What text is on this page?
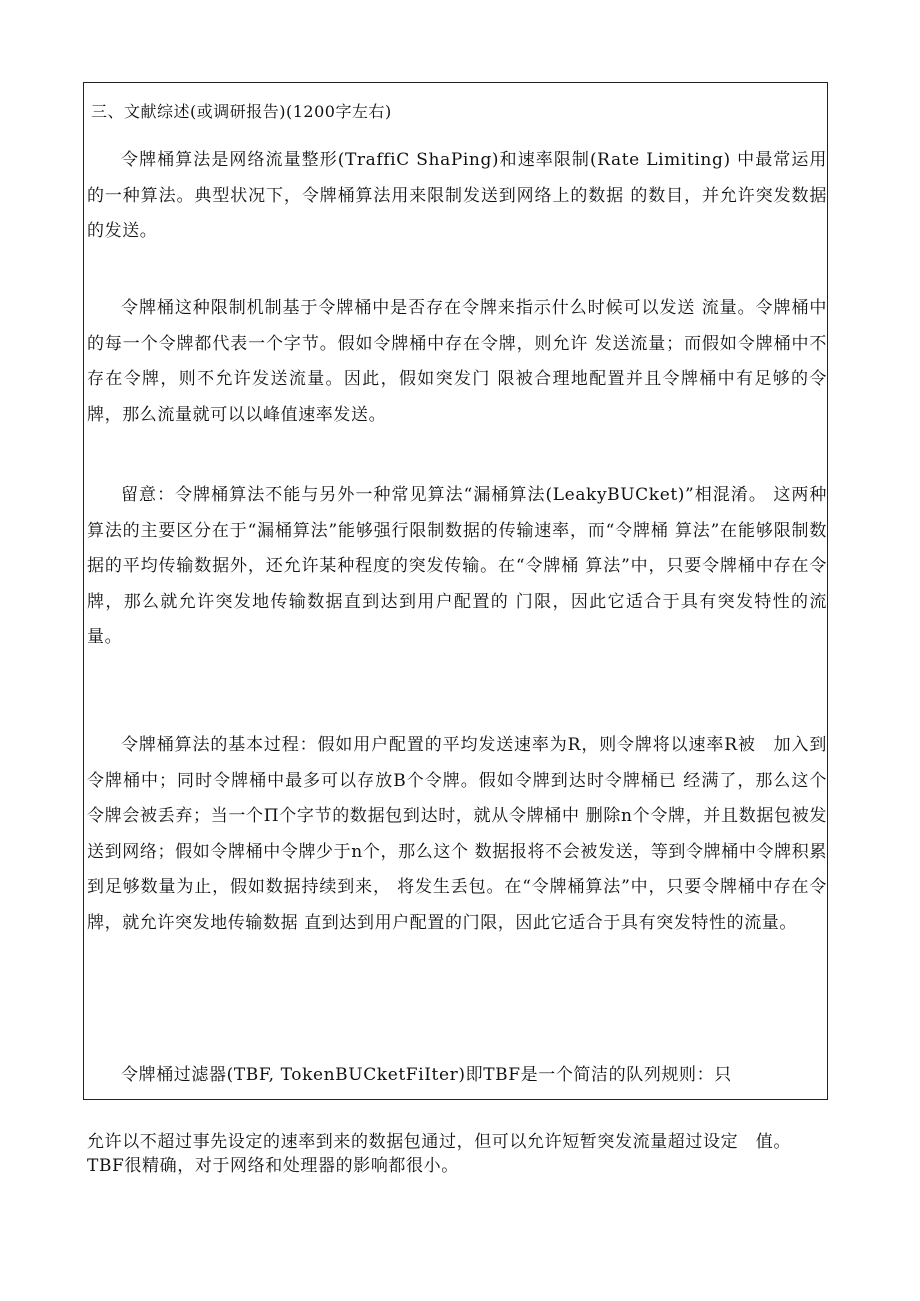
三、文献综述(或调研报告)(1200字左右)

令牌桶算法是网络流量整形(TraffiC ShaPing)和速率限制(Rate Limiting) 中最常运用的一种算法。典型状况下，令牌桶算法用来限制发送到网络上的数据 的数目，并允许突发数据的发送。

令牌桶这种限制机制基于令牌桶中是否存在令牌来指示什么时候可以发送 流量。令牌桶中的每一个令牌都代表一个字节。假如令牌桶中存在令牌，则允许 发送流量；而假如令牌桶中不存在令牌，则不允许发送流量。因此，假如突发门 限被合理地配置并且令牌桶中有足够的令牌，那么流量就可以以峰值速率发送。

留意：令牌桶算法不能与另外一种常见算法“漏桶算法(LeakyBUCket)”相混淆。 这两种算法的主要区分在于“漏桶算法”能够强行限制数据的传输速率，而“令牌桶 算法”在能够限制数据的平均传输数据外，还允许某种程度的突发传输。在“令牌桶 算法”中，只要令牌桶中存在令牌，那么就允许突发地传输数据直到达到用户配置的 门限，因此它适合于具有突发特性的流量。

令牌桶算法的基本过程：假如用户配置的平均发送速率为R，则令牌将以速率R被　加入到令牌桶中；同时令牌桶中最多可以存放B个令牌。假如令牌到达时令牌桶已 经满了，那么这个令牌会被丢弃；当一个Π个字节的数据包到达时，就从令牌桶中 删除n个令牌，并且数据包被发送到网络；假如令牌桶中令牌少于n个，那么这个 数据报将不会被发送，等到令牌桶中令牌积累到足够数量为止，假如数据持续到来， 将发生丢包。在“令牌桶算法”中，只要令牌桶中存在令牌，就允许突发地传输数据 直到达到用户配置的门限，因此它适合于具有突发特性的流量。

令牌桶过滤器(TBF, TokenBUCketFiIter)即TBF是一个简洁的队列规则：只

允许以不超过事先设定的速率到来的数据包通过，但可以允许短暂突发流量超过设定　值。TBF很精确，对于网络和处理器的影响都很小。
